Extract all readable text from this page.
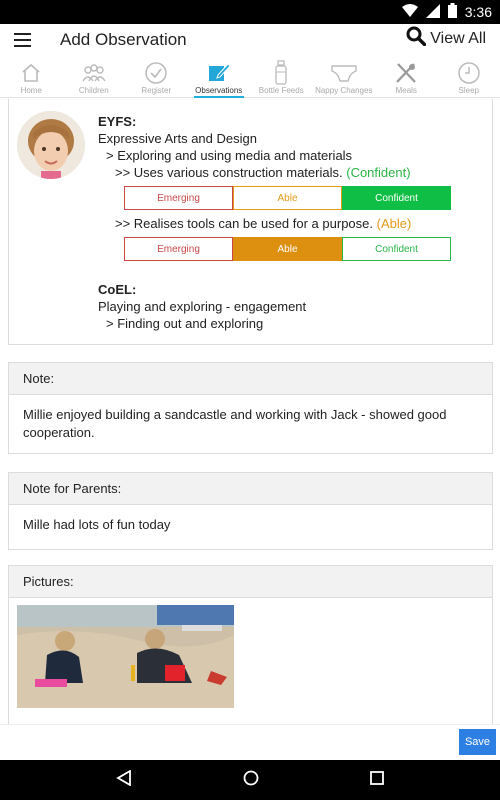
3:36
Add Observation	View All
Home	Children	Register	Observations Bottle Feeds Nappy Changes	Meals	Sleep
EYFS:
Expressive Arts and Design
> Exploring and using media and materials
>> Uses various construction materials. (Confident)
Emerging	Able	Confident
>> Realises tools can be used for a purpose. (Able)
Emerging	Able	Confident
CoEL:
Playing and exploring - engagement
> Finding out and exploring
Note:
Millie enjoyed building a sandcastle and working with Jack - showed good cooperation.
Note for Parents:
Mille had lots of fun today
Pictures:
Save
